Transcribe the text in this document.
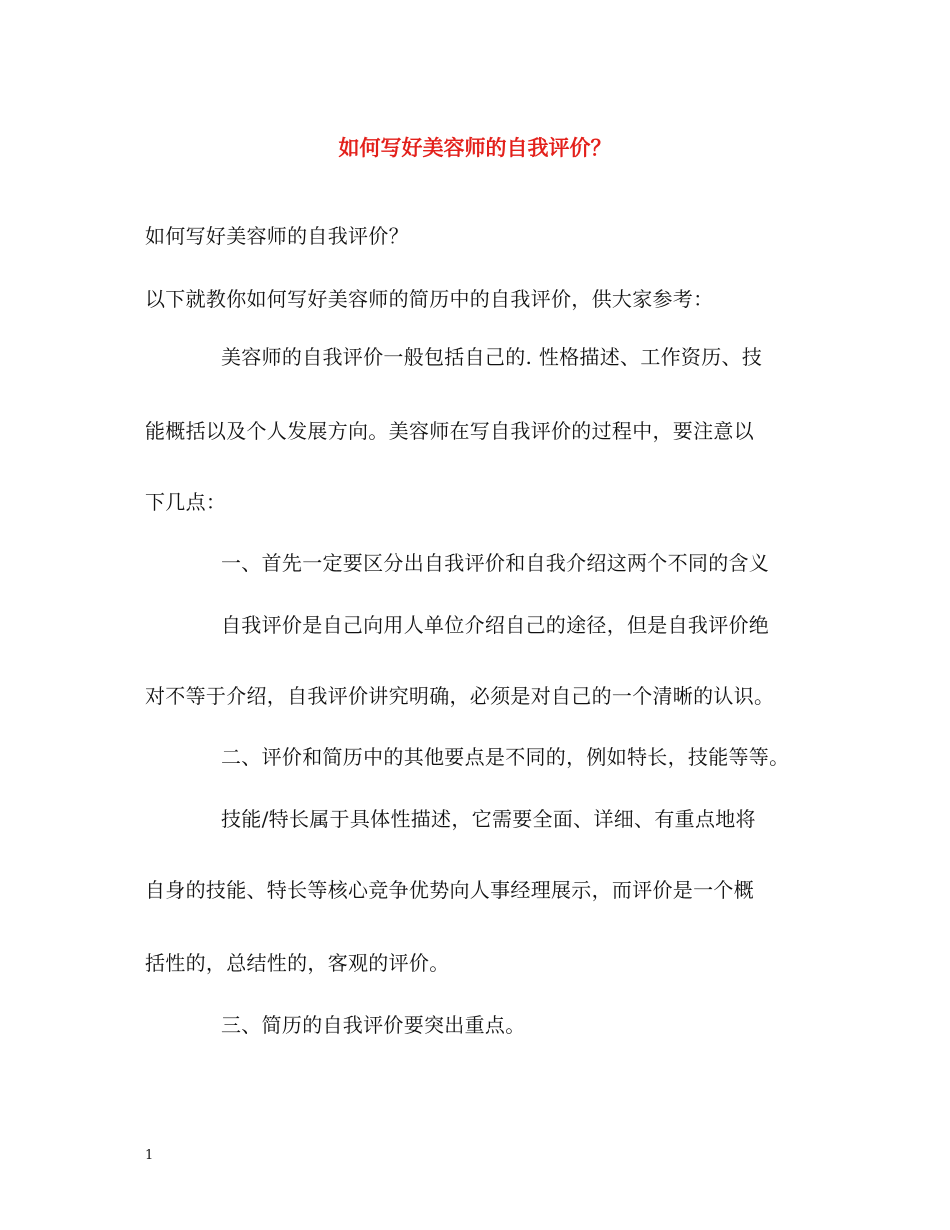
如何写好美容师的自我评价？
如何写好美容师的自我评价？
以下就教你如何写好美容师的简历中的自我评价，供大家参考：
美容师的自我评价一般包括自己的. 性格描述、工作资历、技
能概括以及个人发展方向。美容师在写自我评价的过程中，要注意以
下几点：
一、首先一定要区分出自我评价和自我介绍这两个不同的含义
自我评价是自己向用人单位介绍自己的途径，但是自我评价绝
对不等于介绍，自我评价讲究明确，必须是对自己的一个清晰的认识。
二、评价和简历中的其他要点是不同的，例如特长，技能等等。
技能/特长属于具体性描述，它需要全面、详细、有重点地将
自身的技能、特长等核心竞争优势向人事经理展示，而评价是一个概
括性的，总结性的，客观的评价。
三、简历的自我评价要突出重点。
1
